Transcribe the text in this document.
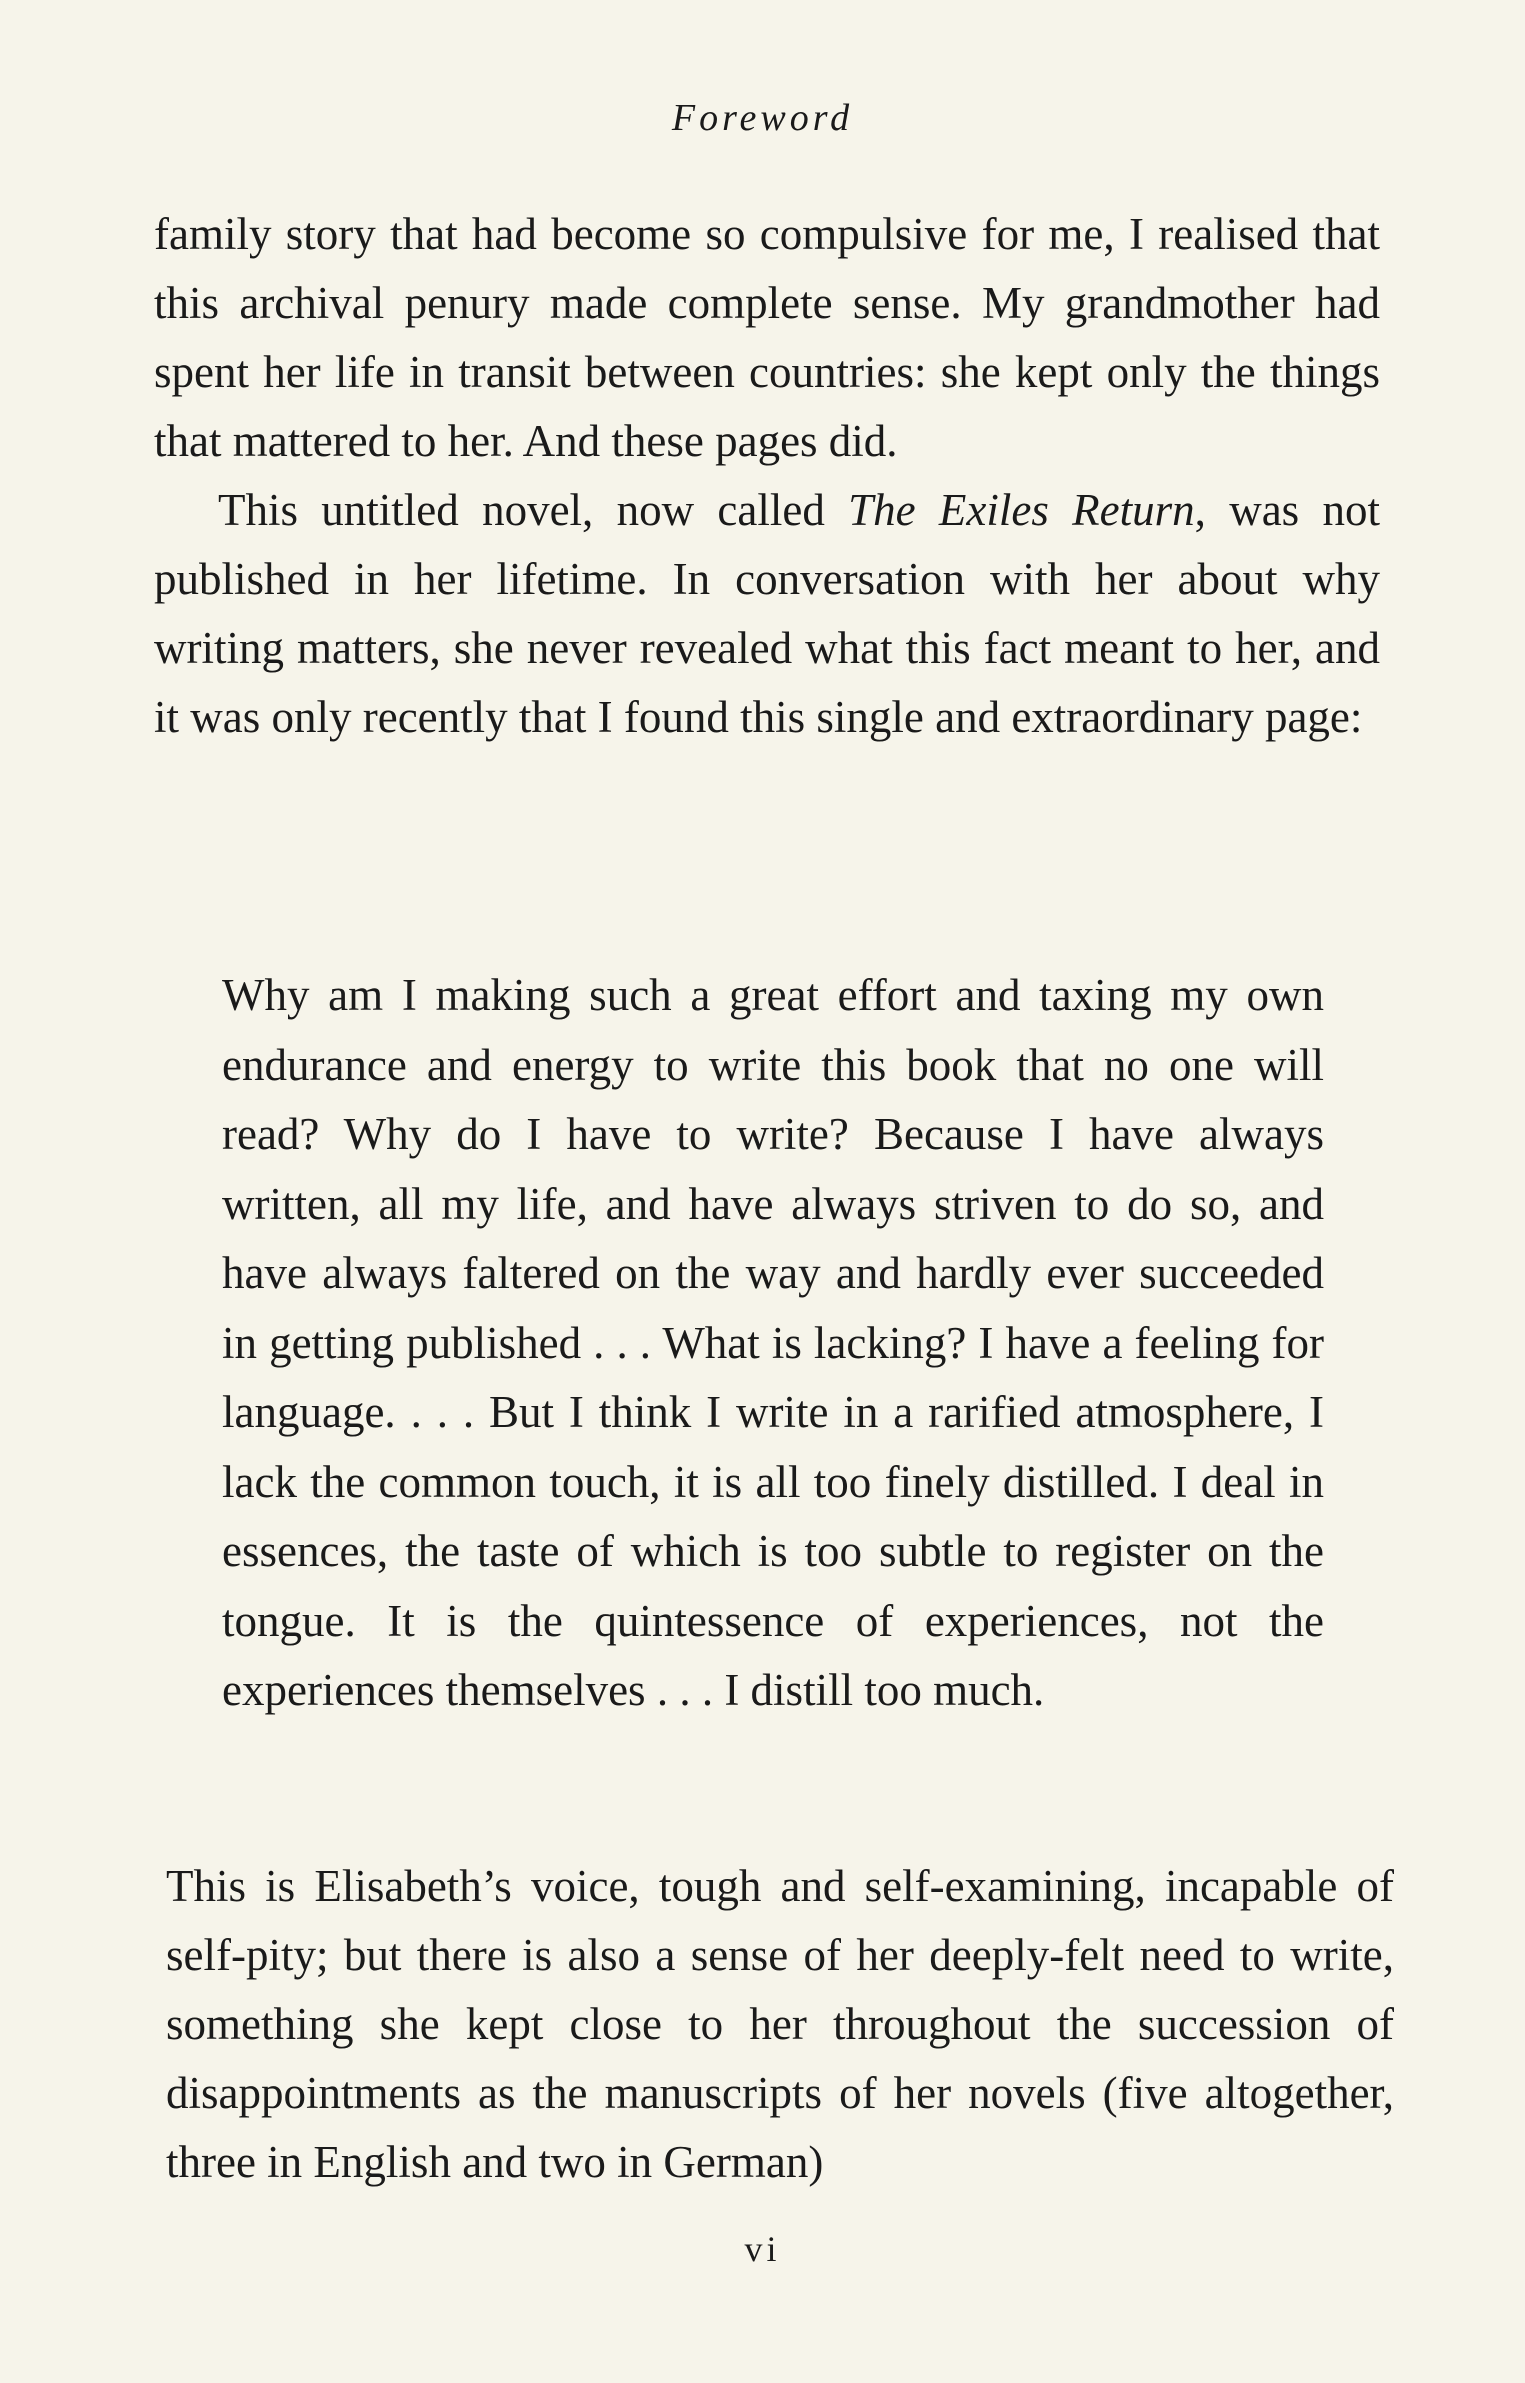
Foreword

family story that had become so compulsive for me, I realised that this archival penury made complete sense. My grandmother had spent her life in transit between countries: she kept only the things that mattered to her. And these pages did.

This untitled novel, now called The Exiles Return, was not published in her lifetime. In conversation with her about why writing matters, she never revealed what this fact meant to her, and it was only recently that I found this single and extraordinary page:

Why am I making such a great effort and taxing my own endurance and energy to write this book that no one will read? Why do I have to write? Because I have always written, all my life, and have always striven to do so, and have always faltered on the way and hardly ever succeeded in getting published . . . What is lacking? I have a feeling for language. . . . But I think I write in a rarified atmosphere, I lack the common touch, it is all too finely distilled. I deal in essences, the taste of which is too subtle to register on the tongue. It is the quintessence of experiences, not the experiences themselves . . . I distill too much.

This is Elisabeth’s voice, tough and self-examining, incapable of self-pity; but there is also a sense of her deeply-felt need to write, something she kept close to her throughout the succession of disappointments as the manuscripts of her novels (five altogether, three in English and two in German)

vi
